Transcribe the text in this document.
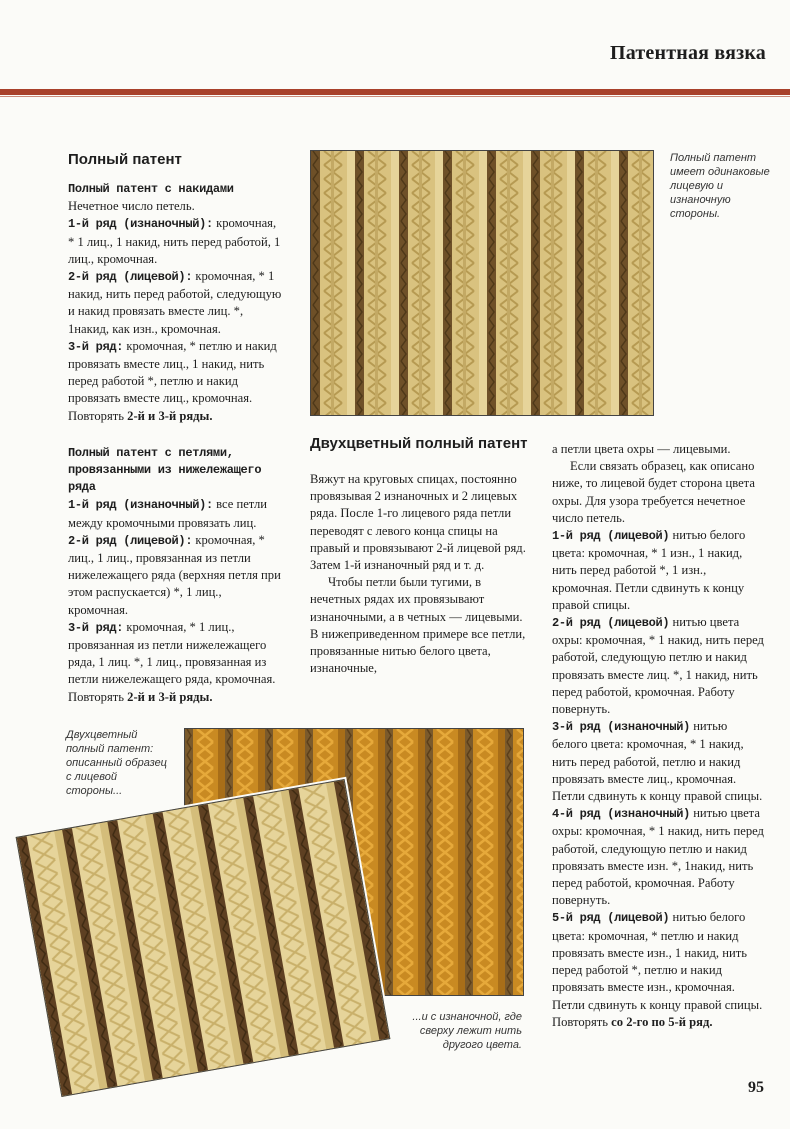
Патентная вязка

Полный патент

Полный патент с накидами

Нечетное число петель.

1-й ряд (изнаночный): кромочная, * 1 лиц., 1 накид, нить перед работой, 1 лиц., кромочная.

2-й ряд (лицевой): кромочная, * 1 накид, нить перед работой, следующую и накид провязать вместе лиц. *, 1накид, как изн., кромочная.

3-й ряд: кромочная, * петлю и накид провязать вместе лиц., 1 накид, нить перед работой *, петлю и накид провязать вместе лиц., кромочная.

Повторять 2-й и 3-й ряды.

Полный патент с петлями, провязанными из нижележащего ряда

1-й ряд (изнаночный): все петли между кромочными провязать лиц.

2-й ряд (лицевой): кромочная, * лиц., 1 лиц., провязанная из петли нижележащего ряда (верхняя петля при этом распускается) *, 1 лиц., кромочная.

3-й ряд: кромочная, * 1 лиц., провязанная из петли нижележащего ряда, 1 лиц. *, 1 лиц., провязанная из петли нижележащего ряда, кромочная.

Повторять 2-й и 3-й ряды.

Полный патент имеет одинаковые лицевую и изнаночную стороны.

Двухцветный полный патент

Вяжут на круговых спицах, постоянно провязывая 2 изнаночных и 2 лицевых ряда. После 1-го лицевого ряда петли переводят с левого конца спицы на правый и провязывают 2-й лицевой ряд. Затем 1-й изнаночный ряд и т. д.

Чтобы петли были тугими, в нечетных рядах их провязывают изнаночными, а в четных — лицевыми. В нижеприведенном примере все петли, провязанные нитью белого цвета, изнаночные,

а петли цвета охры — лицевыми.

Если связать образец, как описано ниже, то лицевой будет сторона цвета охры. Для узора требуется нечетное число петель.

1-й ряд (лицевой) нитью белого цвета: кромочная, * 1 изн., 1 накид, нить перед работой *, 1 изн., кромочная. Петли сдвинуть к концу правой спицы.

2-й ряд (лицевой) нитью цвета охры: кромочная, * 1 накид, нить перед работой, следующую петлю и накид провязать вместе лиц. *, 1 накид, нить перед работой, кромочная. Работу повернуть.

3-й ряд (изнаночный) нитью белого цвета: кромочная, * 1 накид, нить перед работой, петлю и накид провязать вместе лиц., кромочная. Петли сдвинуть к концу правой спицы.

4-й ряд (изнаночный) нитью цвета охры: кромочная, * 1 накид, нить перед работой, следующую петлю и накид провязать вместе изн. *, 1накид, нить перед работой, кромочная. Работу повернуть.

5-й ряд (лицевой) нитью белого цвета: кромочная, * петлю и накид провязать вместе изн., 1 накид, нить перед работой *, петлю и накид провязать вместе изн., кромочная. Петли сдвинуть к концу правой спицы.

Повторять со 2-го по 5-й ряд.

Двухцветный полный патент: описанный образец с лицевой стороны...
...и с изнаночной, где сверху лежит нить другого цвета.
95
